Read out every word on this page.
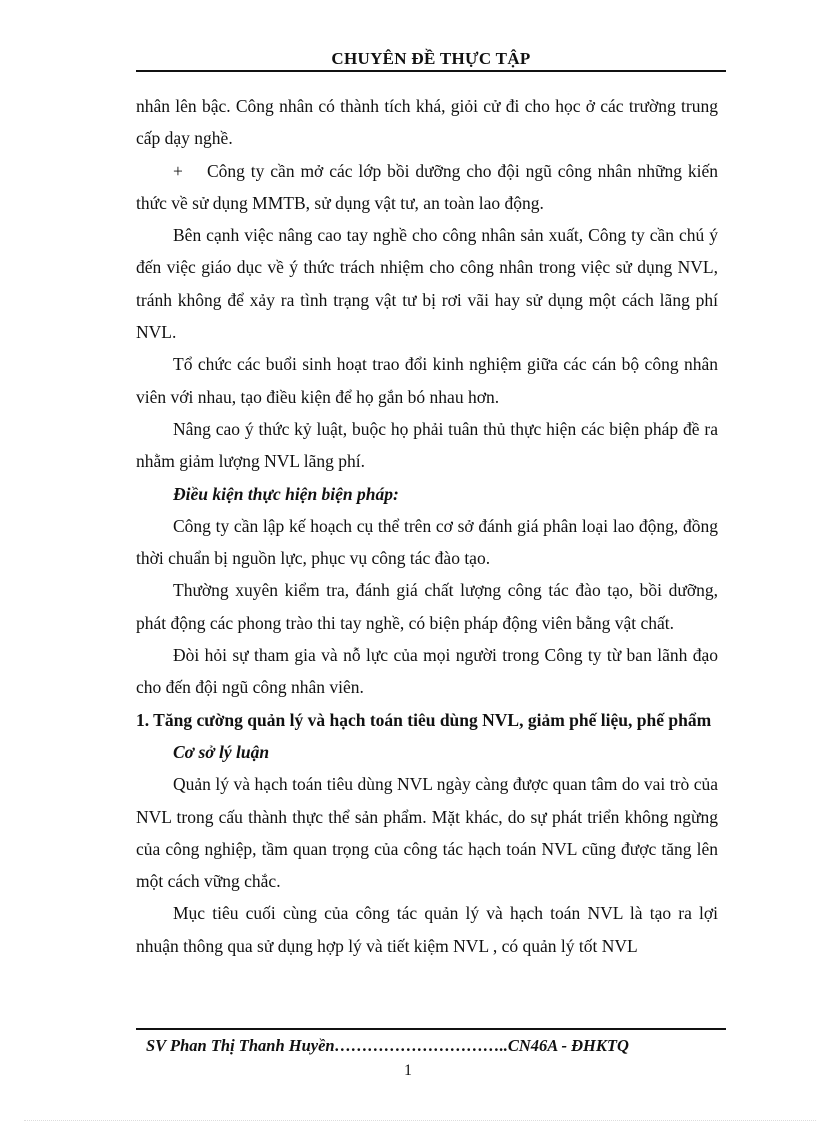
CHUYÊN ĐỀ THỰC TẬP

nhân lên bậc. Công nhân có thành tích khá, giỏi cử đi cho học ở các trường trung cấp dạy nghề.

+ Công ty cần mở các lớp bồi dưỡng cho đội ngũ công nhân những kiến thức về sử dụng MMTB, sử dụng vật tư, an toàn lao động.

Bên cạnh việc nâng cao tay nghề cho công nhân sản xuất, Công ty cần chú ý đến việc giáo dục về ý thức trách nhiệm cho công nhân trong việc sử dụng NVL, tránh không để xảy ra tình trạng vật tư bị rơi vãi hay sử dụng một cách lãng phí NVL.

Tổ chức các buổi sinh hoạt trao đổi kinh nghiệm giữa các cán bộ công nhân viên với nhau, tạo điều kiện để họ gắn bó nhau hơn.

Nâng cao ý thức kỷ luật, buộc họ phải tuân thủ thực hiện các biện pháp đề ra nhằm giảm lượng NVL lãng phí.

Điều kiện thực hiện biện pháp:

Công ty cần lập kế hoạch cụ thể trên cơ sở đánh giá phân loại lao động, đồng thời chuẩn bị nguồn lực, phục vụ công tác đào tạo.

Thường xuyên kiểm tra, đánh giá chất lượng công tác đào tạo, bồi dưỡng, phát động các phong trào thi tay nghề, có biện pháp động viên bằng vật chất.

Đòi hỏi sự tham gia và nỗ lực của mọi người trong Công ty từ ban lãnh đạo cho đến đội ngũ công nhân viên.

1. Tăng cường quản lý và hạch toán tiêu dùng NVL, giảm phế liệu, phế phẩm

Cơ sở lý luận

Quản lý và hạch toán tiêu dùng NVL ngày càng được quan tâm do vai trò của NVL trong cấu thành thực thể sản phẩm. Mặt khác, do sự phát triển không ngừng của công nghiệp, tầm quan trọng của công tác hạch toán NVL cũng được tăng lên một cách vững chắc.

Mục tiêu cuối cùng của công tác quản lý và hạch toán NVL là tạo ra lợi nhuận thông qua sử dụng hợp lý và tiết kiệm NVL , có quản lý tốt NVL

SV Phan Thị Thanh Huyền…………………………..CN46A - ĐHKTQ
1
